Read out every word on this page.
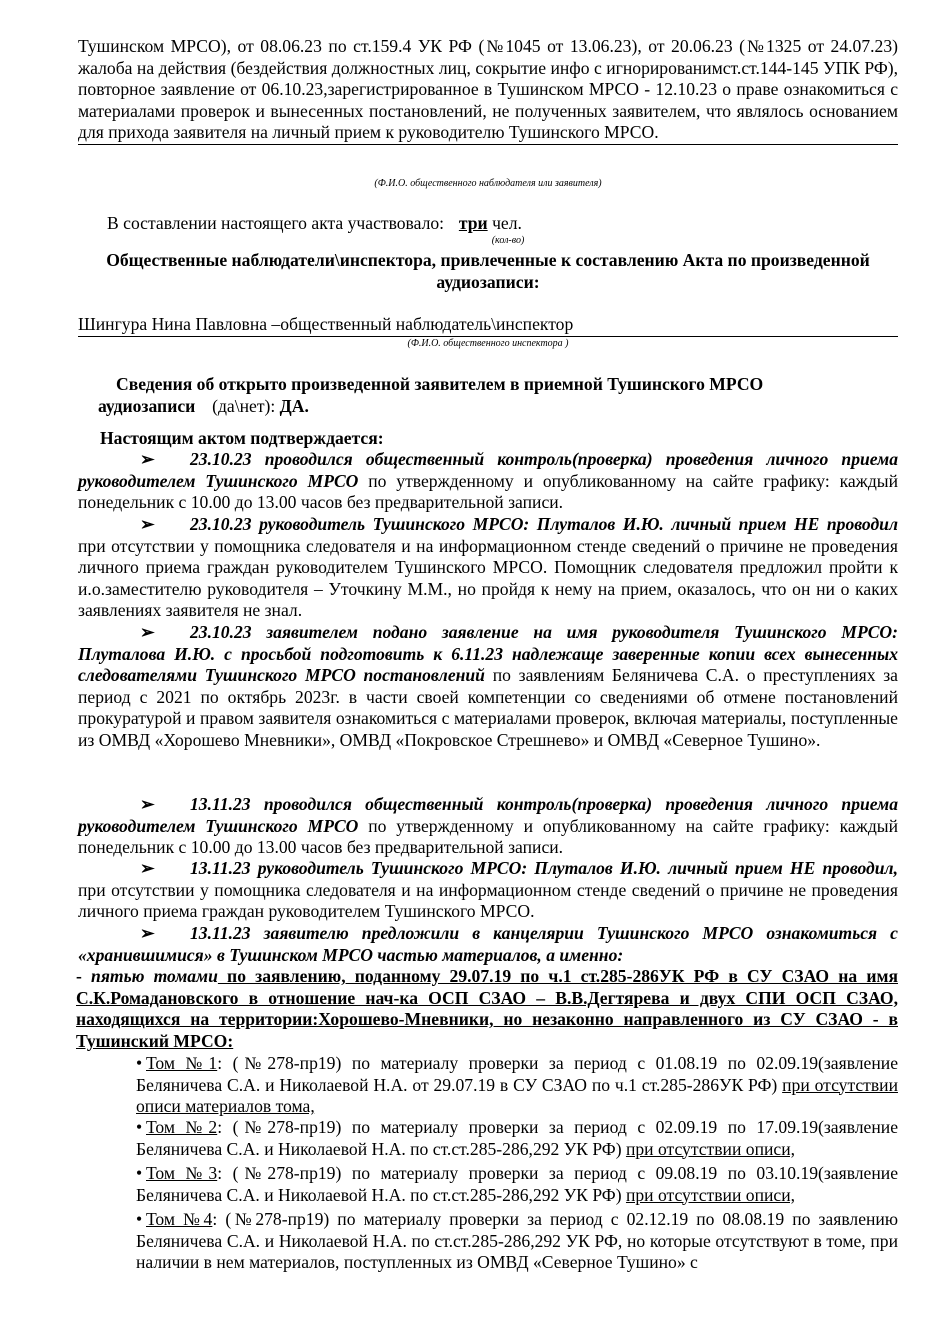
Тушинском МРСО), от 08.06.23 по ст.159.4 УК РФ (№1045 от 13.06.23), от 20.06.23 (№1325 от 24.07.23) жалоба на действия (бездействия должностных лиц, сокрытие инфо с игнорированимст.ст.144-145 УПК РФ), повторное заявление от 06.10.23,зарегистрированное в Тушинском МРСО - 12.10.23 о праве ознакомиться с материалами проверок и вынесенных постановлений, не полученных заявителем, что являлось основанием для прихода заявителя на личный прием к руководителю Тушинского МРСО.
(Ф.И.О. общественного наблюдателя или заявителя)
В составлении настоящего акта участвовало: три чел.
(кол-во)
Общественные наблюдатели\инспектора, привлеченные к составлению Акта по произведенной аудиозаписи:
Шингура Нина Павловна –общественный наблюдатель\инспектор
(Ф.И.О. общественного инспектора )
Сведения об открыто произведенной заявителем в приемной Тушинского МРСО
аудиозаписи (да\нет): ДА.
Настоящим актом подтверждается:
➢ 23.10.23 проводился общественный контроль(проверка) проведения личного приема руководителем Тушинского МРСО по утвержденному и опубликованному на сайте графику: каждый понедельник с 10.00 до 13.00 часов без предварительной записи.
➢ 23.10.23 руководитель Тушинского МРСО: Плуталов И.Ю. личный прием НЕ проводил при отсутствии у помощника следователя и на информационном стенде сведений о причине не проведения личного приема граждан руководителем Тушинского МРСО. Помощник следователя предложил пройти к и.о.заместителю руководителя – Уточкину М.М., но пройдя к нему на прием, оказалось, что он ни о каких заявлениях заявителя не знал.
➢ 23.10.23 заявителем подано заявление на имя руководителя Тушинского МРСО: Плуталова И.Ю. с просьбой подготовить к 6.11.23 надлежаще заверенные копии всех вынесенных следователями Тушинского МРСО постановлений по заявлениям Беляничева С.А. о преступлениях за период с 2021 по октябрь 2023г. в части своей компетенции со сведениями об отмене постановлений прокуратурой и правом заявителя ознакомиться с материалами проверок, включая материалы, поступленные из ОМВД «Хорошево Мневники», ОМВД «Покровское Стрешнево» и ОМВД «Северное Тушино».
➢ 13.11.23 проводился общественный контроль(проверка) проведения личного приема руководителем Тушинского МРСО по утвержденному и опубликованному на сайте графику: каждый понедельник с 10.00 до 13.00 часов без предварительной записи.
➢ 13.11.23 руководитель Тушинского МРСО: Плуталов И.Ю. личный прием НЕ проводил, при отсутствии у помощника следователя и на информационном стенде сведений о причине не проведения личного приема граждан руководителем Тушинского МРСО.
➢ 13.11.23 заявителю предложили в канцелярии Тушинского МРСО ознакомиться с «хранившимися» в Тушинском МРСО частью материалов, а именно:
- пятью томами по заявлению, поданному 29.07.19 по ч.1 ст.285-286УК РФ в СУ СЗАО на имя С.К.Ромадановского в отношение нач-ка ОСП СЗАО – В.В.Дегтярева и двух СПИ ОСП СЗАО, находящихся на территории:Хорошево-Мневники, но незаконно направленного из СУ СЗАО - в Тушинский МРСО:
• Том №1: (№278-пр19) по материалу проверки за период с 01.08.19 по 02.09.19(заявление Беляничева С.А. и Николаевой Н.А. от 29.07.19 в СУ СЗАО по ч.1 ст.285-286УК РФ) при отсутствии описи материалов тома,
• Том №2: (№278-пр19) по материалу проверки за период с 02.09.19 по 17.09.19(заявление Беляничева С.А. и Николаевой Н.А. по ст.ст.285-286,292 УК РФ) при отсутствии описи,
• Том №3: (№278-пр19) по материалу проверки за период с 09.08.19 по 03.10.19(заявление Беляничева С.А. и Николаевой Н.А. по ст.ст.285-286,292 УК РФ) при отсутствии описи,
• Том №4: (№278-пр19) по материалу проверки за период с 02.12.19 по 08.08.19 по заявлению Беляничева С.А. и Николаевой Н.А. по ст.ст.285-286,292 УК РФ, но которые отсутствуют в томе, при наличии в нем материалов, поступленных из ОМВД «Северное Тушино» с
